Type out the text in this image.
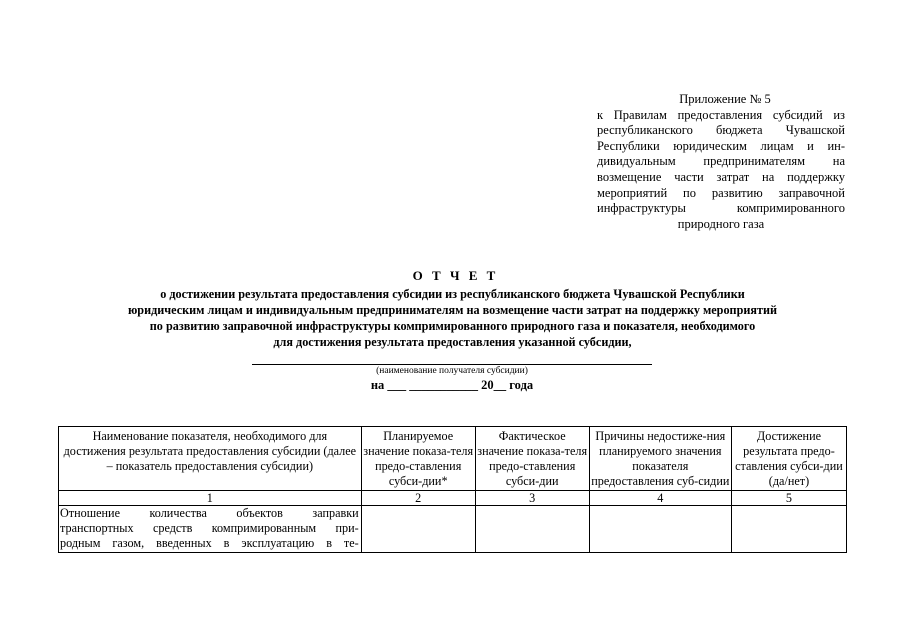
Приложение № 5
к Правилам предоставления субсидий из
республиканского бюджета Чувашской
Республики юридическим лицам и ин-
дивидуальным предпринимателям на
возмещение части затрат на поддержку
мероприятий по развитию заправочной
инфраструктуры компримированного
природного газа
О Т Ч Е Т
о достижении результата предоставления субсидии из республиканского бюджета Чувашской Республики
юридическим лицам и индивидуальным предпринимателям на возмещение части затрат на поддержку мероприятий
по развитию заправочной инфраструктуры компримированного природного газа и показателя, необходимого
для достижения результата предоставления указанной субсидии,
(наименование получателя субсидии)
на ___ ___________ 20__ года
Наименование показателя, необходимого для достижения результата предоставления субсидии (далее – показатель предоставления субсидии)	Планируемое значение показа-теля предо-ставления субси-дии*	Фактическое значение показа-теля предо-ставления субси-дии	Причины недостиже-ния планируемого значения показателя предоставления суб-сидии	Достижение результата предо-ставления субси-дии (да/нет)
1	2	3	4	5

Отношение количества объектов заправки
транспортных средств компримированным при-
родным газом, введенных в эксплуатацию в те-				
